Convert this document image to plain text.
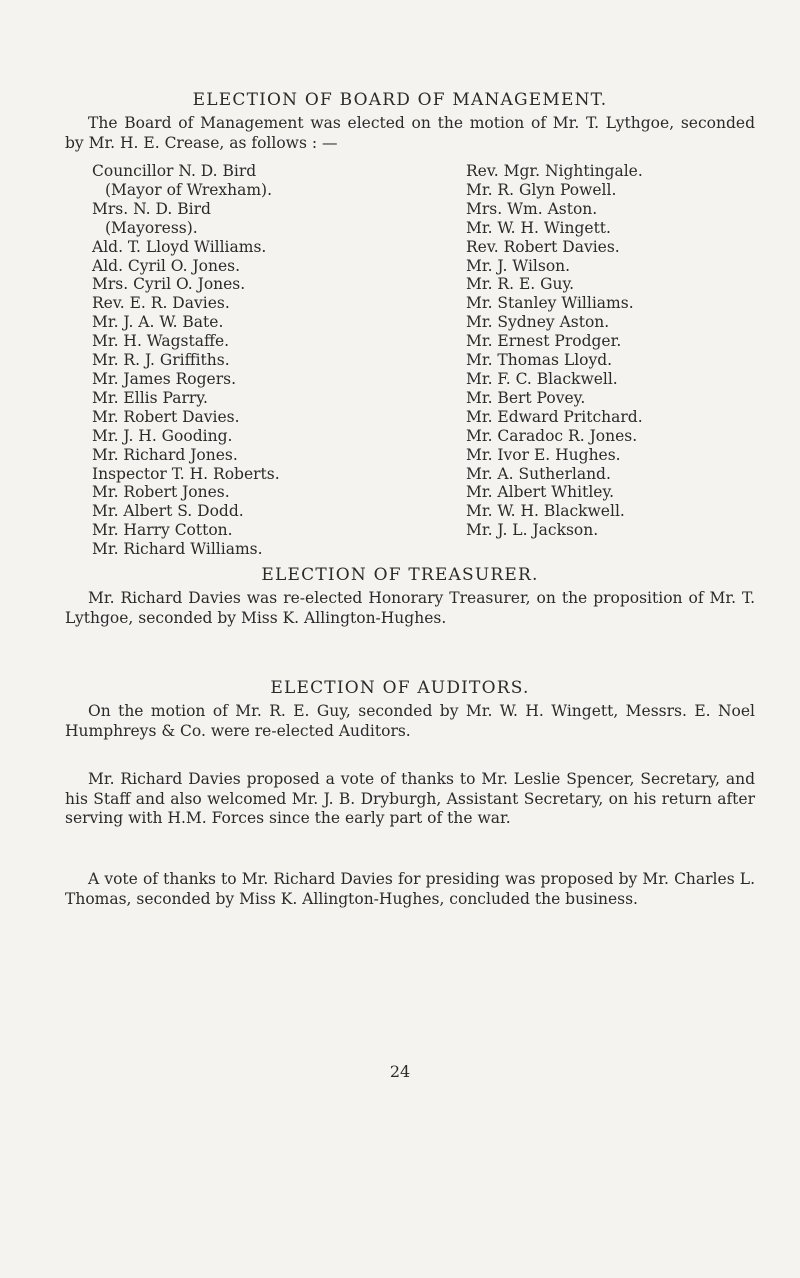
ELECTION OF BOARD OF MANAGEMENT.

The Board of Management was elected on the motion of Mr. T. Lythgoe, seconded by Mr. H. E. Crease, as follows : —

Councillor N. D. Bird
(Mayor of Wrexham).
Mrs. N. D. Bird
(Mayoress).
Ald. T. Lloyd Williams.
Ald. Cyril O. Jones.
Mrs. Cyril O. Jones.
Rev. E. R. Davies.
Mr. J. A. W. Bate.
Mr. H. Wagstaffe.
Mr. R. J. Griffiths.
Mr. James Rogers.
Mr. Ellis Parry.
Mr. Robert Davies.
Mr. J. H. Gooding.
Mr. Richard Jones.
Inspector T. H. Roberts.
Mr. Robert Jones.
Mr. Albert S. Dodd.
Mr. Harry Cotton.
Mr. Richard Williams.
Rev. Mgr. Nightingale.
Mr. R. Glyn Powell.
Mrs. Wm. Aston.
Mr. W. H. Wingett.
Rev. Robert Davies.
Mr. J. Wilson.
Mr. R. E. Guy.
Mr. Stanley Williams.
Mr. Sydney Aston.
Mr. Ernest Prodger.
Mr. Thomas Lloyd.
Mr. F. C. Blackwell.
Mr. Bert Povey.
Mr. Edward Pritchard.
Mr. Caradoc R. Jones.
Mr. Ivor E. Hughes.
Mr. A. Sutherland.
Mr. Albert Whitley.
Mr. W. H. Blackwell.
Mr. J. L. Jackson.
ELECTION OF TREASURER.

Mr. Richard Davies was re-elected Honorary Treasurer, on the proposition of Mr. T. Lythgoe, seconded by Miss K. Allington-Hughes.

ELECTION OF AUDITORS.

On the motion of Mr. R. E. Guy, seconded by Mr. W. H. Wingett, Messrs. E. Noel Humphreys & Co. were re-elected Auditors.

Mr. Richard Davies proposed a vote of thanks to Mr. Leslie Spencer, Secretary, and his Staff and also welcomed Mr. J. B. Dryburgh, Assistant Secretary, on his return after serving with H.M. Forces since the early part of the war.

A vote of thanks to Mr. Richard Davies for presiding was proposed by Mr. Charles L. Thomas, seconded by Miss K. Allington-Hughes, concluded the business.

24
